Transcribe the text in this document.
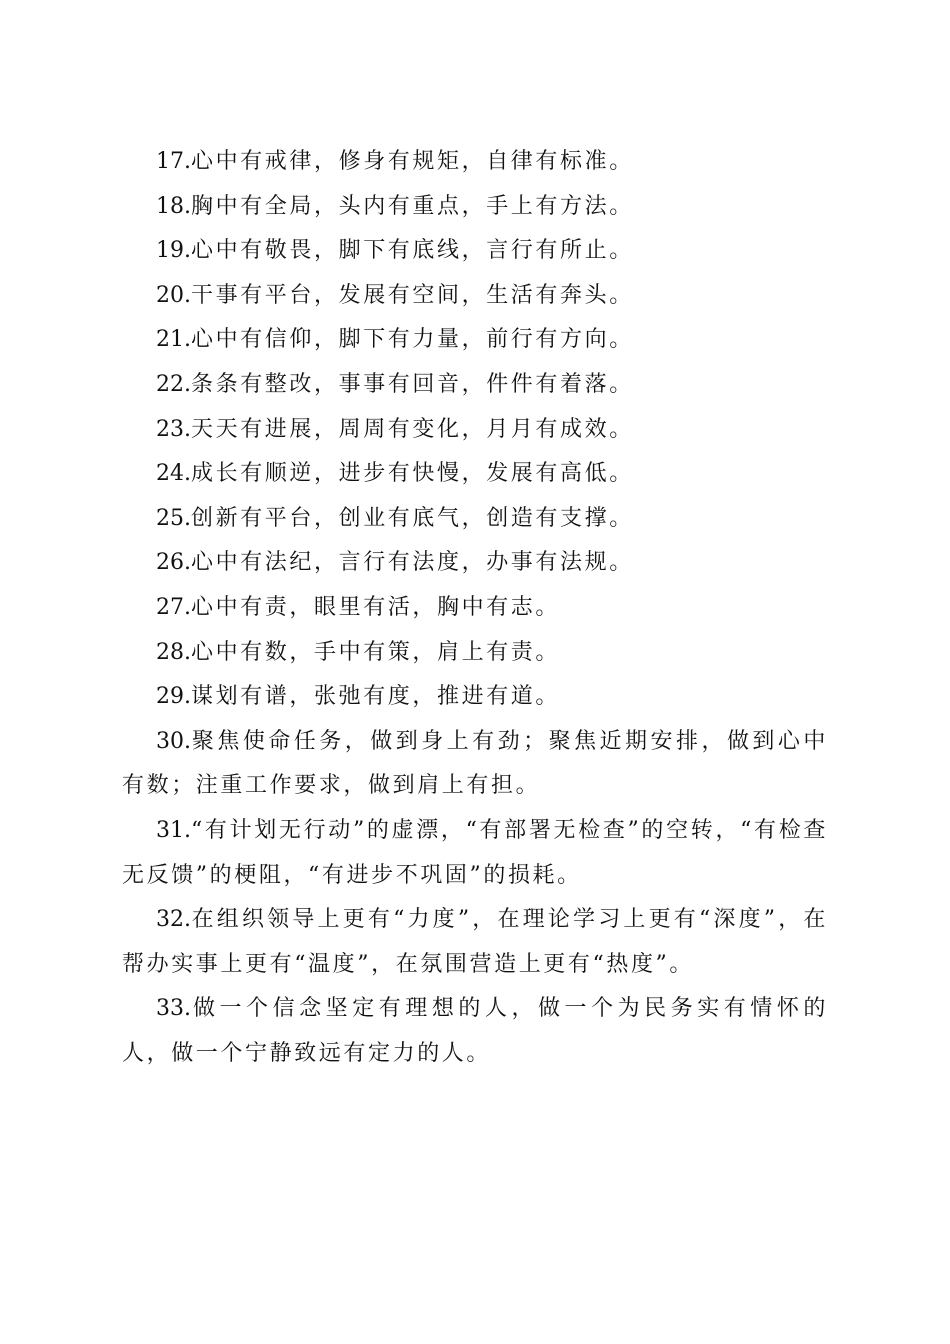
17.心中有戒律，修身有规矩，自律有标准。

18.胸中有全局，头内有重点，手上有方法。

19.心中有敬畏，脚下有底线，言行有所止。

20.干事有平台，发展有空间，生活有奔头。

21.心中有信仰，脚下有力量，前行有方向。

22.条条有整改，事事有回音，件件有着落。

23.天天有进展，周周有变化，月月有成效。

24.成长有顺逆，进步有快慢，发展有高低。

25.创新有平台，创业有底气，创造有支撑。

26.心中有法纪，言行有法度，办事有法规。

27.心中有责，眼里有活，胸中有志。

28.心中有数，手中有策，肩上有责。

29.谋划有谱，张弛有度，推进有道。

30.聚焦使命任务，做到身上有劲；聚焦近期安排，做到心中有数；注重工作要求，做到肩上有担。

31.“有计划无行动”的虚漂，“有部署无检查”的空转，“有检查无反馈”的梗阻，“有进步不巩固”的损耗。

32.在组织领导上更有“力度”，在理论学习上更有“深度”，在帮办实事上更有“温度”，在氛围营造上更有“热度”。

33.做一个信念坚定有理想的人，做一个为民务实有情怀的人，做一个宁静致远有定力的人。
